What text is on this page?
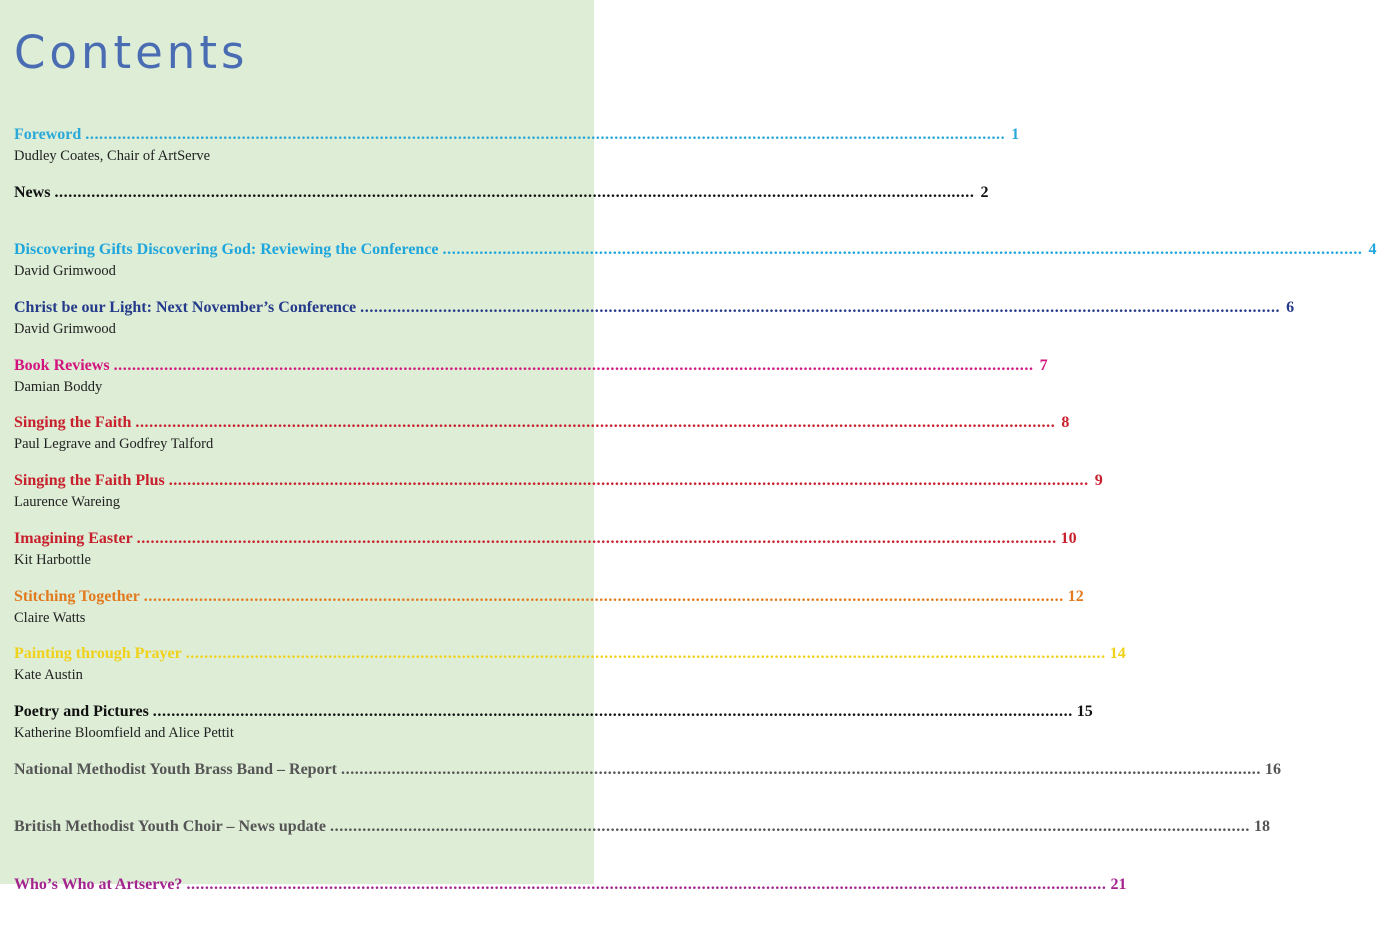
Contents
Foreword ........................................................................................................................................................................................................ 1
Dudley Coates, Chair of ArtServe
News ........................................................................................................................................................................................................ 2
Discovering Gifts Discovering God: Reviewing the Conference ........................................................................................................................................................................................................ 4
David Grimwood
Christ be our Light: Next November’s Conference ........................................................................................................................................................................................................ 6
David Grimwood
Book Reviews ........................................................................................................................................................................................................ 7
Damian Boddy
Singing the Faith ........................................................................................................................................................................................................ 8
Paul Legrave and Godfrey Talford
Singing the Faith Plus ........................................................................................................................................................................................................ 9
Laurence Wareing
Imagining Easter ........................................................................................................................................................................................................ 10
Kit Harbottle
Stitching Together ........................................................................................................................................................................................................ 12
Claire Watts
Painting through Prayer ........................................................................................................................................................................................................ 14
Kate Austin
Poetry and Pictures ........................................................................................................................................................................................................ 15
Katherine Bloomfield and Alice Pettit
National Methodist Youth Brass Band – Report ........................................................................................................................................................................................................ 16
British Methodist Youth Choir – News update ........................................................................................................................................................................................................ 18
Who’s Who at Artserve? ........................................................................................................................................................................................................ 21
